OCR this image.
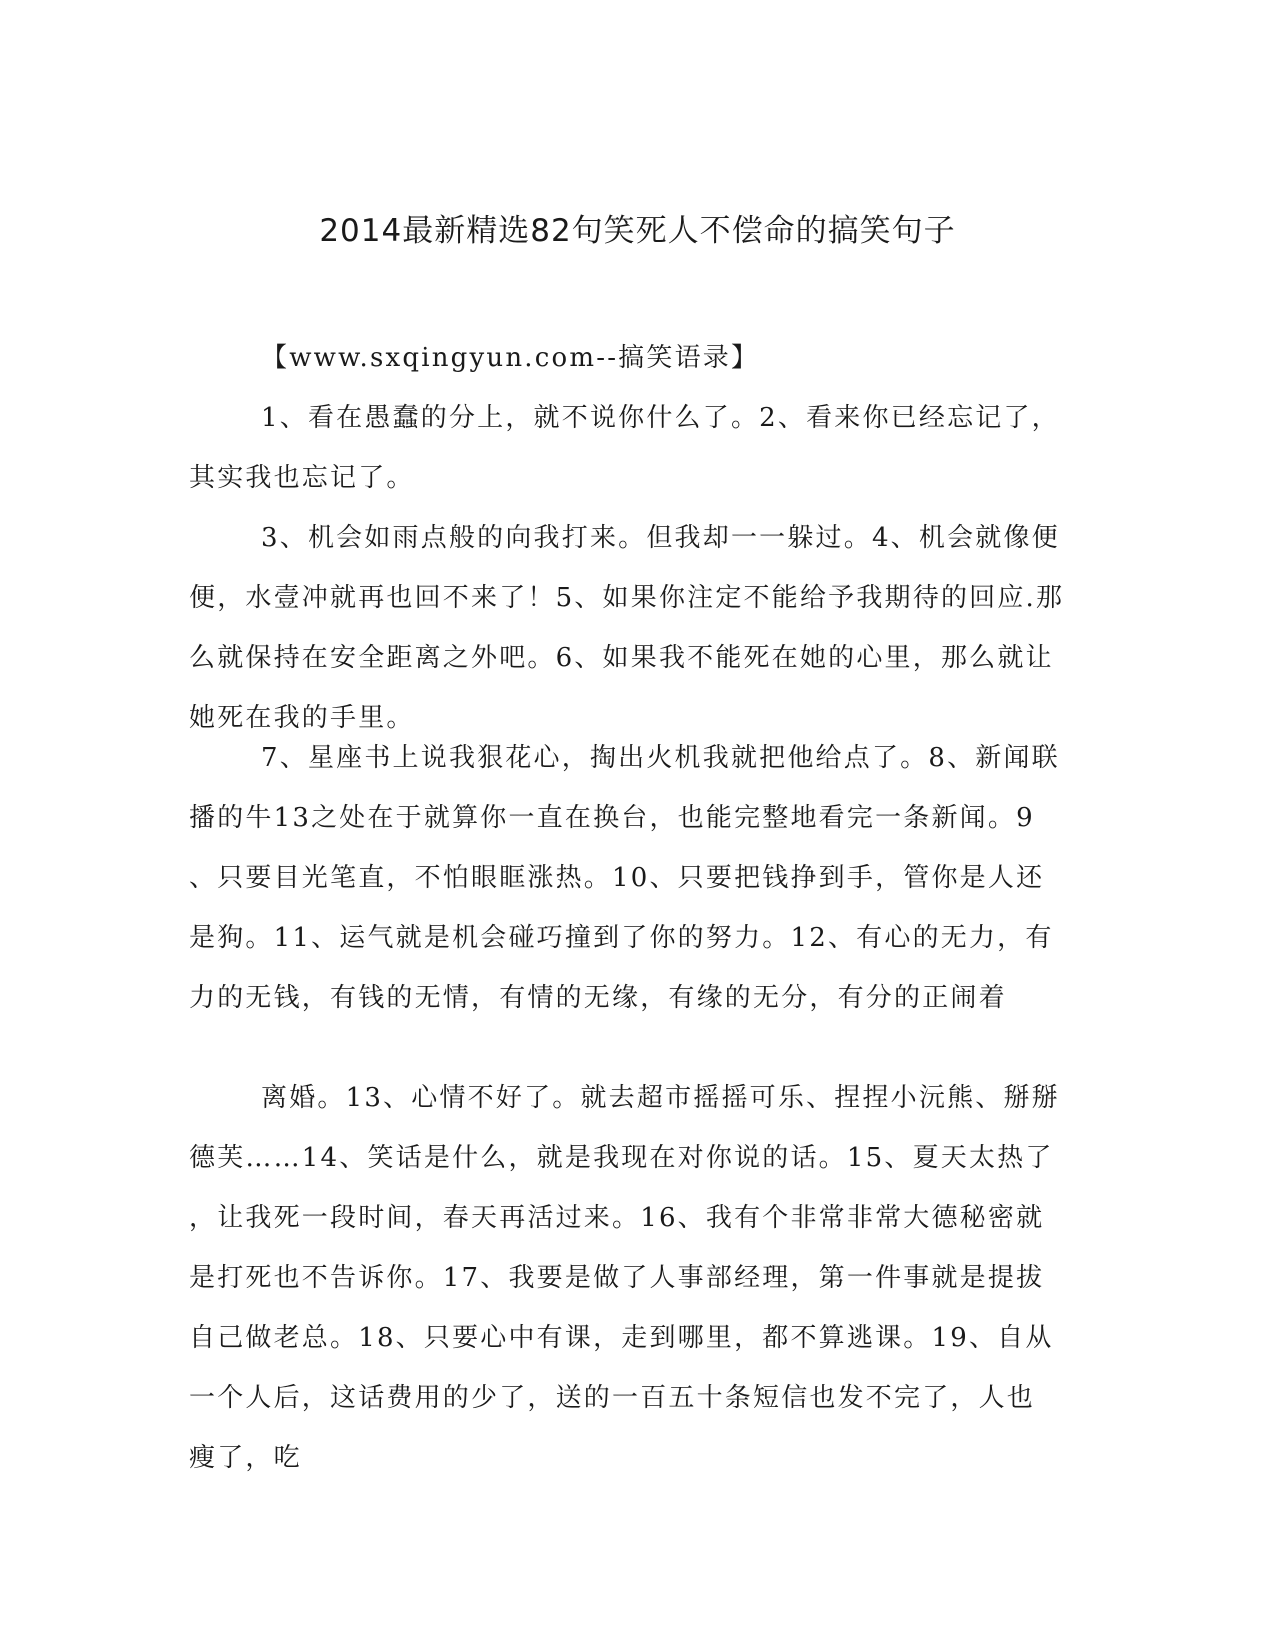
2014最新精选82句笑死人不偿命的搞笑句子
【www.sxqingyun.com--搞笑语录】
1、看在愚蠢的分上，就不说你什么了。2、看来你已经忘记了，
其实我也忘记了。
3、机会如雨点般的向我打来。但我却一一躲过。4、机会就像便
便，水壹冲就再也回不来了！5、如果你注定不能给予我期待的回应.那
么就保持在安全距离之外吧。6、如果我不能死在她的心里，那么就让
她死在我的手里。
7、星座书上说我狠花心，掏出火机我就把他给点了。8、新闻联
播的牛13之处在于就算你一直在换台，也能完整地看完一条新闻。9
、只要目光笔直，不怕眼眶涨热。10、只要把钱挣到手，管你是人还
是狗。11、运气就是机会碰巧撞到了你的努力。12、有心的无力，有
力的无钱，有钱的无情，有情的无缘，有缘的无分，有分的正闹着
离婚。13、心情不好了。就去超市摇摇可乐、捏捏小沅熊、掰掰
德芙……14、笑话是什么，就是我现在对你说的话。15、夏天太热了
，让我死一段时间，春天再活过来。16、我有个非常非常大德秘密就
是打死也不告诉你。17、我要是做了人事部经理，第一件事就是提拔
自己做老总。18、只要心中有课，走到哪里，都不算逃课。19、自从
一个人后，这话费用的少了，送的一百五十条短信也发不完了，人也
瘦了，吃
